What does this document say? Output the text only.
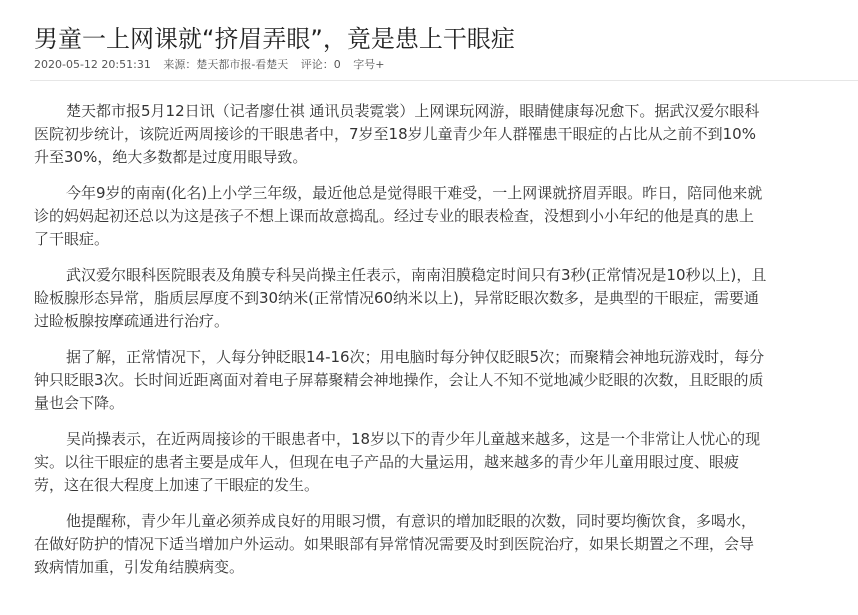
男童一上网课就“挤眉弄眼”，竟是患上干眼症
2020-05-12 20:51:31 来源：楚天都市报-看楚天 评论：0 字号+

楚天都市报5月12日讯（记者廖仕祺 通讯员裴霓裳）上网课玩网游，眼睛健康每况愈下。据武汉爱尔眼科
医院初步统计，该院近两周接诊的干眼患者中，7岁至18岁儿童青少年人群罹患干眼症的占比从之前不到10%
升至30%，绝大多数都是过度用眼导致。

今年9岁的南南(化名)上小学三年级，最近他总是觉得眼干难受，一上网课就挤眉弄眼。昨日，陪同他来就
诊的妈妈起初还总以为这是孩子不想上课而故意捣乱。经过专业的眼表检查，没想到小小年纪的他是真的患上
了干眼症。

武汉爱尔眼科医院眼表及角膜专科吴尚操主任表示，南南泪膜稳定时间只有3秒(正常情况是10秒以上)，且
睑板腺形态异常，脂质层厚度不到30纳米(正常情况60纳米以上)，异常眨眼次数多，是典型的干眼症，需要通
过睑板腺按摩疏通进行治疗。

据了解，正常情况下，人每分钟眨眼14-16次；用电脑时每分钟仅眨眼5次；而聚精会神地玩游戏时，每分
钟只眨眼3次。长时间近距离面对着电子屏幕聚精会神地操作，会让人不知不觉地减少眨眼的次数，且眨眼的质
量也会下降。

吴尚操表示，在近两周接诊的干眼患者中，18岁以下的青少年儿童越来越多，这是一个非常让人忧心的现
实。以往干眼症的患者主要是成年人，但现在电子产品的大量运用，越来越多的青少年儿童用眼过度、眼疲
劳，这在很大程度上加速了干眼症的发生。

他提醒称，青少年儿童必须养成良好的用眼习惯，有意识的增加眨眼的次数，同时要均衡饮食，多喝水，
在做好防护的情况下适当增加户外运动。如果眼部有异常情况需要及时到医院治疗，如果长期置之不理，会导
致病情加重，引发角结膜病变。
